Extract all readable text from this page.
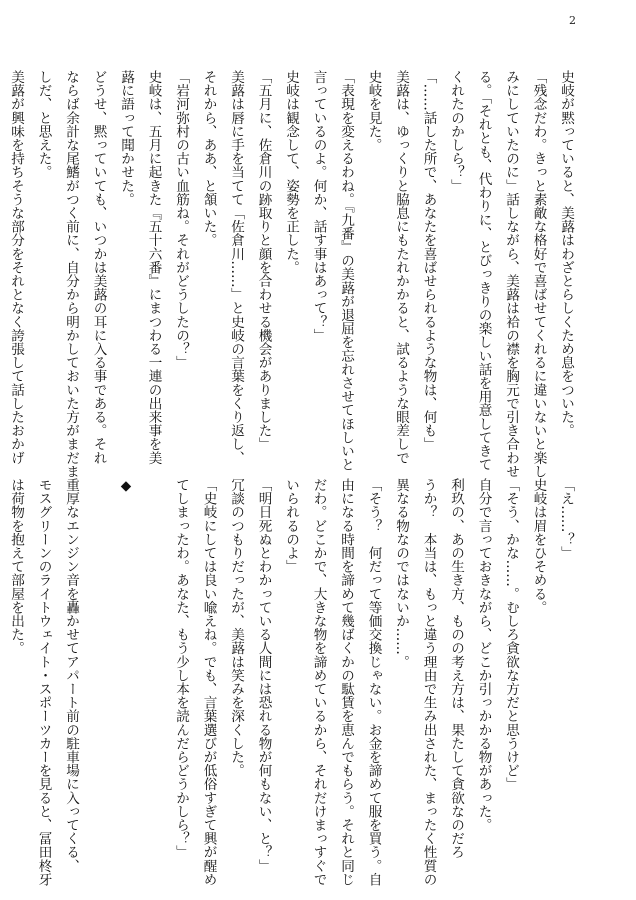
2
史岐が黙っていると、美蕗はわざとらしくため息をついた。
「残念だわ。きっと素敵な格好で喜ばせてくれるに違いないと楽し
みにしていたのに」話しながら、美蕗は袷の襟を胸元で引き合わせ
る。「それとも、代わりに、とびっきりの楽しい話を用意してきて
くれたのかしら？」
「……話した所で、あなたを喜ばせられるような物は、何も」
美蕗は、ゆっくりと脇息にもたれかかると、試るような眼差しで
史岐を見た。
「表現を変えるわね。『九番』の美蕗が退屈を忘れさせてほしいと
言っているのよ。何か、話す事はあって？」
史岐は観念して、姿勢を正した。
「五月に、佐倉川の跡取りと顔を合わせる機会がありました」
美蕗は唇に手を当てて「佐倉川……」と史岐の言葉をくり返し、
それから、ああ、と頷いた。
「岩河弥村の古い血筋ね。それがどうしたの？」
史岐は、五月に起きた『五十六番』にまつわる一連の出来事を美
蕗に語って聞かせた。
どうせ、黙っていても、いつかは美蕗の耳に入る事である。それ
ならば余計な尾鰭がつく前に、自分から明かしておいた方がまだま
しだ、と思えた。
美蕗が興味を持ちそうな部分をそれとなく誇張して話したおかげ
「え……？」
史岐は眉をひそめる。
「そう、かな……。むしろ貪欲な方だと思うけど」
自分で言っておきながら、どこか引っかかる物があった。
利玖の、あの生き方、ものの考え方は、果たして貪欲なのだろ
うか？　本当は、もっと違う理由で生み出された、まったく性質の
異なる物なのではないか……。
「そう？　何だって等価交換じゃない。お金を諦めて服を買う。自
由になる時間を諦めて幾ばくかの駄賃を恵んでもらう。それと同じ
だわ。どこかで、大きな物を諦めているから、それだけまっすぐで
いられるのよ」
「明日死ぬとわかっている人間には恐れる物が何もない、と？」
冗談のつもりだったが、美蕗は笑みを深くした。
「史岐にしては良い喩えね。でも、言葉選びが低俗すぎて興が醒め
てしまったわ。あなた、もう少し本を読んだらどうかしら？」
◆
重厚なエンジン音を轟かせてアパート前の駐車場に入ってくる、
モスグリーンのライトウェイト・スポーツカーを見ると、冨田柊牙
は荷物を抱えて部屋を出た。
